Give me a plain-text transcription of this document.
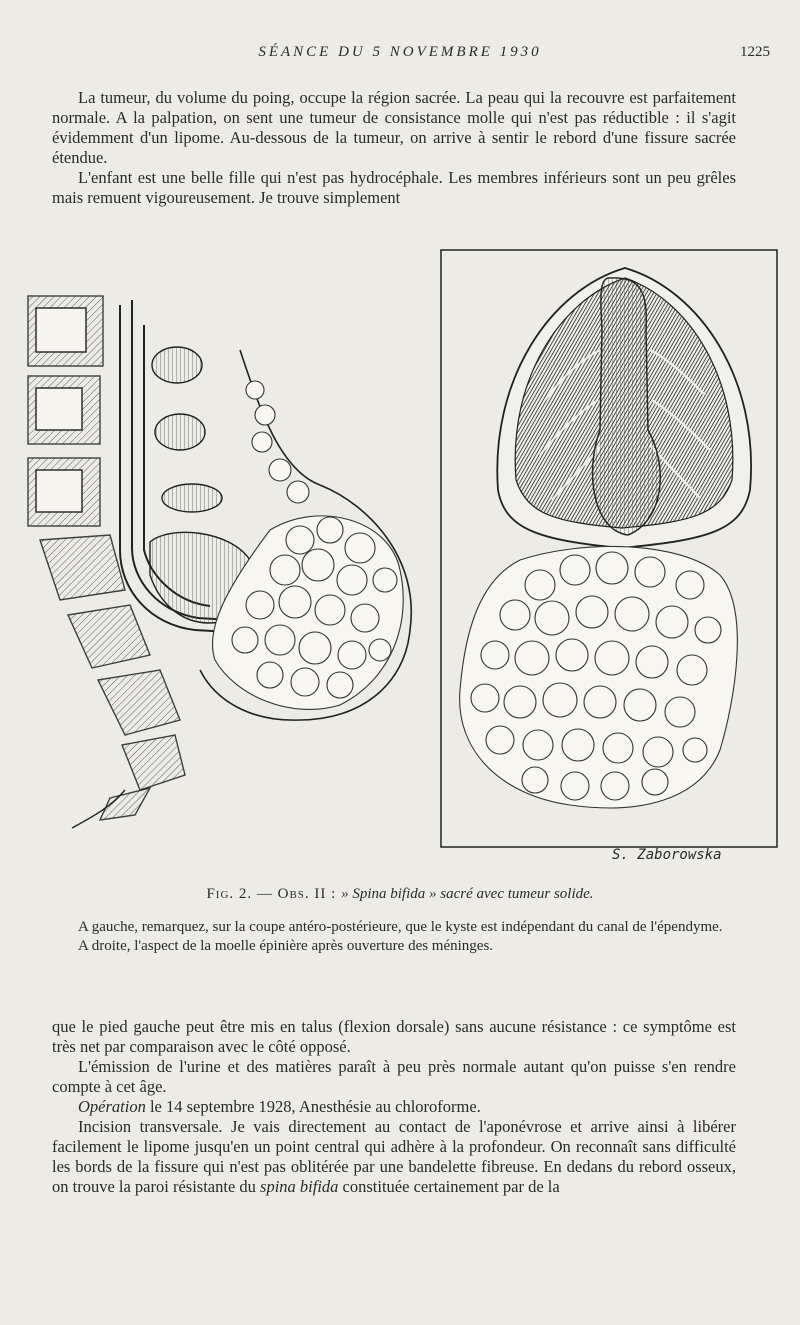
SÉANCE DU 5 NOVEMBRE 1930	1225

La tumeur, du volume du poing, occupe la région sacrée. La peau qui la recouvre est parfaitement normale. A la palpation, on sent une tumeur de consistance molle qui n'est pas réductible : il s'agit évidemment d'un lipome. Au-dessous de la tumeur, on arrive à sentir le rebord d'une fissure sacrée étendue.

L'enfant est une belle fille qui n'est pas hydrocéphale. Les membres inférieurs sont un peu grêles mais remuent vigoureusement. Je trouve simplement

S. Zaborowska
Fig. 2. — Obs. II : » Spina bifida » sacré avec tumeur solide.

A gauche, remarquez, sur la coupe antéro-postérieure, que le kyste est indépendant du canal de l'épendyme.

A droite, l'aspect de la moelle épinière après ouverture des méninges.

que le pied gauche peut être mis en talus (flexion dorsale) sans aucune résistance : ce symptôme est très net par comparaison avec le côté opposé.

L'émission de l'urine et des matières paraît à peu près normale autant qu'on puisse s'en rendre compte à cet âge.

Opération le 14 septembre 1928, Anesthésie au chloroforme.

Incision transversale. Je vais directement au contact de l'aponévrose et arrive ainsi à libérer facilement le lipome jusqu'en un point central qui adhère à la profondeur. On reconnaît sans difficulté les bords de la fissure qui n'est pas oblitérée par une bandelette fibreuse. En dedans du rebord osseux, on trouve la paroi résistante du spina bifida constituée certainement par de la
